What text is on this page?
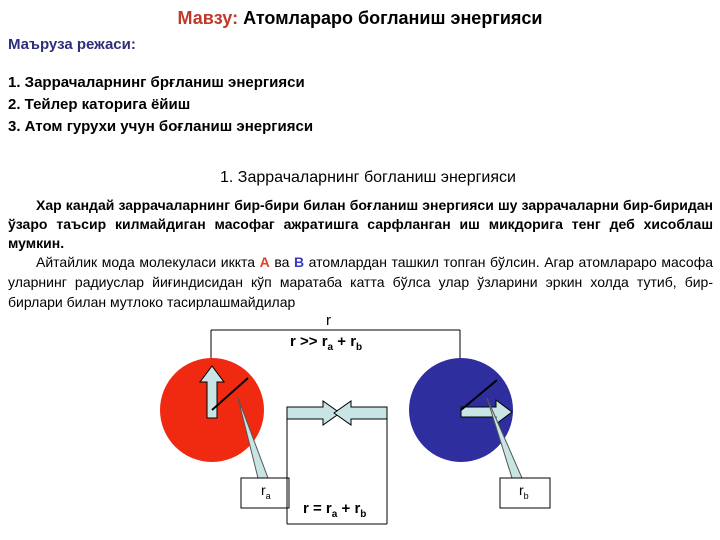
Мавзу: Атомлараро богланиш энергияси
Маъруза режаси:
1. Заррачаларнинг брғланиш энергияси
2. Тейлер каторига ёйиш
3. Атом гурухи учун боғланиш энергияси
1. Заррачаларнинг богланиш энергияси
Хар кандай заррачаларнинг бир-бири билан боғланиш энергияси шу заррачаларни бир-биридан ўзаро таъсир килмайдиган масофаг ажратишга сарфланган иш микдорига тенг деб хисоблаш мумкин.
Айтайлик мода молекуласи иккта А ва В атомлардан ташкил топган бўлсин. Агар атомлараро масофа уларнинг радиуслар йиғиндисидан кўп маратаба катта бўлса улар ўзларини эркин холда тутиб, бир-бирлари билан мутлоко тасирлашмайдилар
r
$r >> r_a + r_b$
$r = r_a + r_b$
$r_a$	$r_b$
